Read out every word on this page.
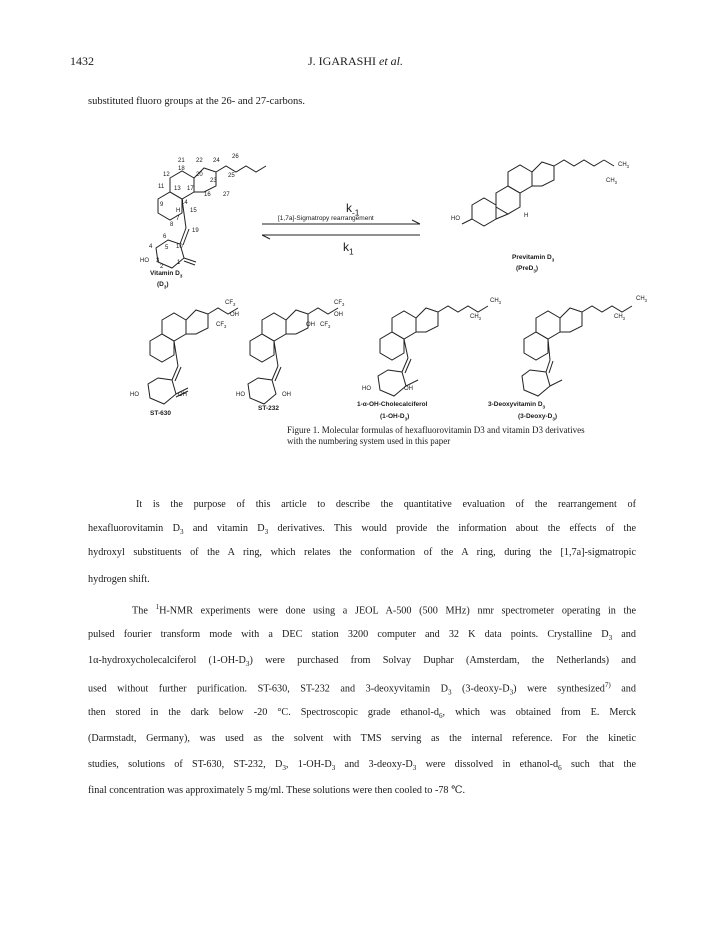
1432	J. IGARASHI et al.
substituted fluoro groups at the 26- and 27-carbons.
$k_{-1}$
[1,7a]-Sigmatropy rearrangement
$k_1$
21 22 24
26
12
18
20
23
25
11 13 17
16 27
9	14
H 15
8
7
19
6
4 5 10
3
2
1
HO
Vitamin $D_3$
$(D_3)$
Previtamin $D_3$
(PreD$_3$)
ST-630
ST-232
1-α-OH-Cholecalciferol
$(1-OH-D_3)$
3-Deoxyvitamin $D_3$
$(3-Deoxy-D_3)$
$CH_3$
$CH_3$
HO	H
$CF_3$
OH
$CF_3$
HO	OH
$CF_3$
OH
OH $CF_3$
HO	OH
$CH_3$
$CH_3$
HO	OH
$CH_3$
$CH_3$
Figure 1. Molecular formulas of hexafluorovitamin D3 and vitamin D3 derivatives
with the numbering system used in this paper
It is the purpose of this article to describe the quantitative evaluation of the rearrangement of
hexafluorovitamin $D_3$ and vitamin $D_3$ derivatives. This would provide the information about the effects of the
hydroxyl substituents of the A ring, which relates the conformation of the A ring, during the [1,7a]-sigmatropic
hydrogen shift.
The $^1$H-NMR experiments were done using a JEOL A-500 (500 MHz) nmr spectrometer operating in the
pulsed fourier transform mode with a DEC station 3200 computer and 32 K data points. Crystalline $D_3$ and
1α-hydroxycholecalciferol $(1-OH-D_3)$ were purchased from Solvay Duphar (Amsterdam, the Netherlands) and
used without further purification. ST-630, ST-232 and 3-deoxyvitamin $D_3$ $(3-deoxy-D_3)$ were synthesized$^{7)}$ and
then stored in the dark below -20 °C. Spectroscopic grade ethanol-$d_6$, which was obtained from E. Merck
(Darmstadt, Germany), was used as the solvent with TMS serving as the internal reference. For the kinetic
studies, solutions of ST-630, ST-232, $D_3$, $1-OH-D_3$ and $3-deoxy-D_3$ were dissolved in ethanol-$d_6$ such that the
final concentration was approximately 5 mg/ml. These solutions were then cooled to -78 ℃.
